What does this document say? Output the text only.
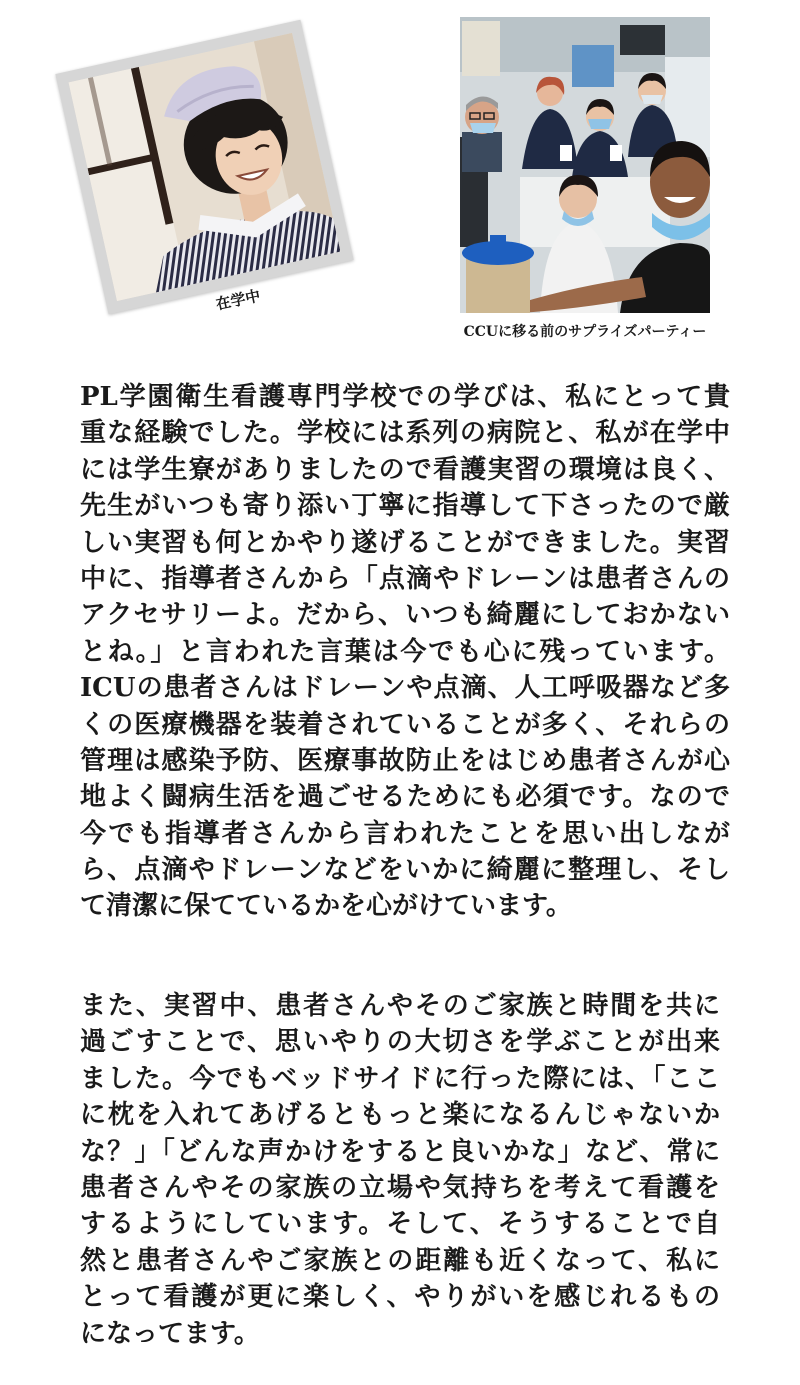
在学中
CCUに移る前のサプライズパーティー
PL学園衛生看護専門学校での学びは、私にとって貴
重な経験でした。学校には系列の病院と、私が在学中
には学生寮がありましたので看護実習の環境は良く、
先生がいつも寄り添い丁寧に指導して下さったので厳
しい実習も何とかやり遂げることができました。実習
中に、指導者さんから「点滴やドレーンは患者さんの
アクセサリーよ。だから、いつも綺麗にしておかない
とね。」と言われた言葉は今でも心に残っています。
ICUの患者さんはドレーンや点滴、人工呼吸器など多
くの医療機器を装着されていることが多く、それらの
管理は感染予防、医療事故防止をはじめ患者さんが心
地よく闘病生活を過ごせるためにも必須です。なので
今でも指導者さんから言われたことを思い出しなが
ら、点滴やドレーンなどをいかに綺麗に整理し、そし
て清潔に保てているかを心がけています。
また、実習中、患者さんやそのご家族と時間を共に
過ごすことで、思いやりの大切さを学ぶことが出来
ました。今でもベッドサイドに行った際には、「ここ
に枕を入れてあげるともっと楽になるんじゃないか
な？」「どんな声かけをすると良いかな」など、常に
患者さんやその家族の立場や気持ちを考えて看護を
するようにしています。そして、そうすることで自
然と患者さんやご家族との距離も近くなって、私に
とって看護が更に楽しく、やりがいを感じれるもの
になってます。
